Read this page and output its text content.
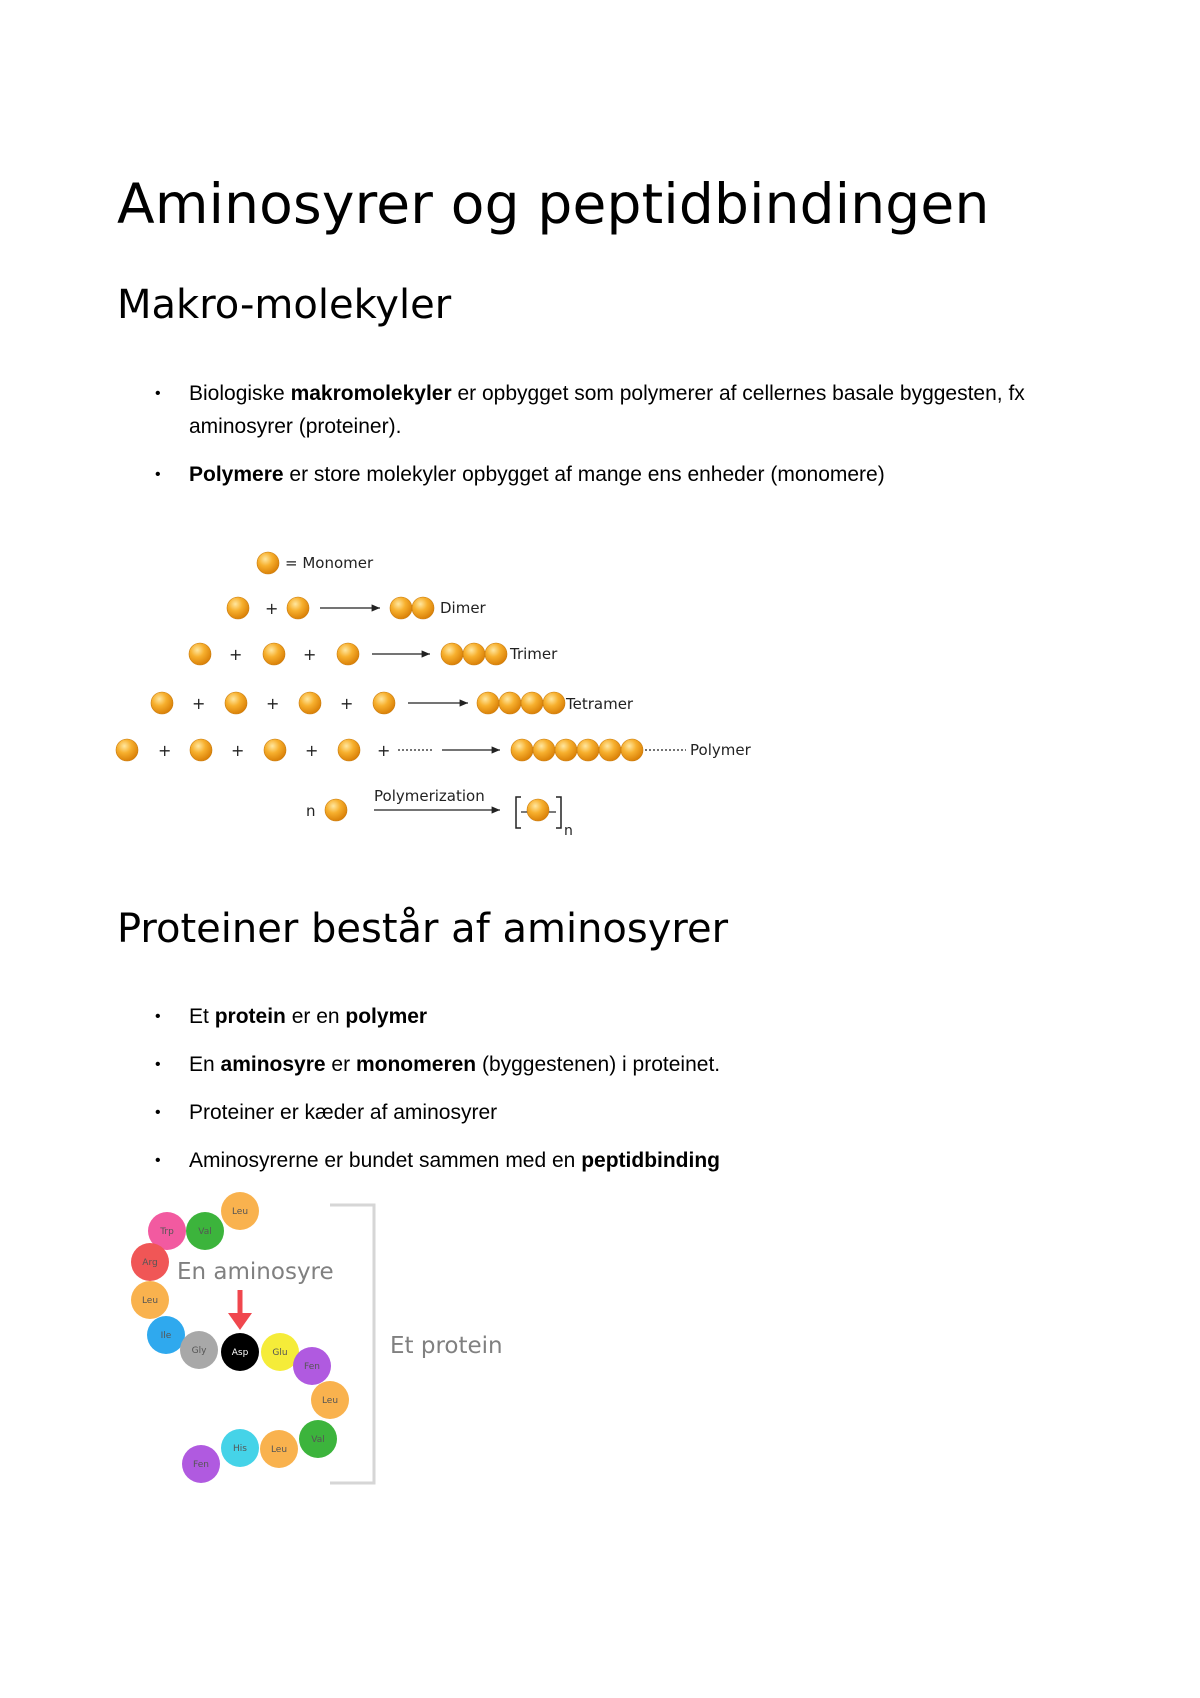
Aminosyrer og peptidbindingen
Makro-molekyler
• Biologiske makromolekyler er opbygget som polymerer af cellernes basale byggesten, fx
aminosyrer (proteiner).
• Polymere er store molekyler opbygget af mange ens enheder (monomere)
= Monomer
+	Dimer
+	+	Trimer
+	+	+	Tetramer
+	+	+	+	Polymer
n
Polymerization
n
Proteiner består af aminosyrer
• Et protein er en polymer
• En aminosyre er monomeren (byggestenen) i proteinet.
• Proteiner er kæder af aminosyrer
• Aminosyrerne er bundet sammen med en peptidbinding
Leu
Trp	Val
Arg
Leu
Ile
Gly	Asp	Glu
Fen
Leu
Val
Leu
His
Fen
En aminosyre
Et protein
